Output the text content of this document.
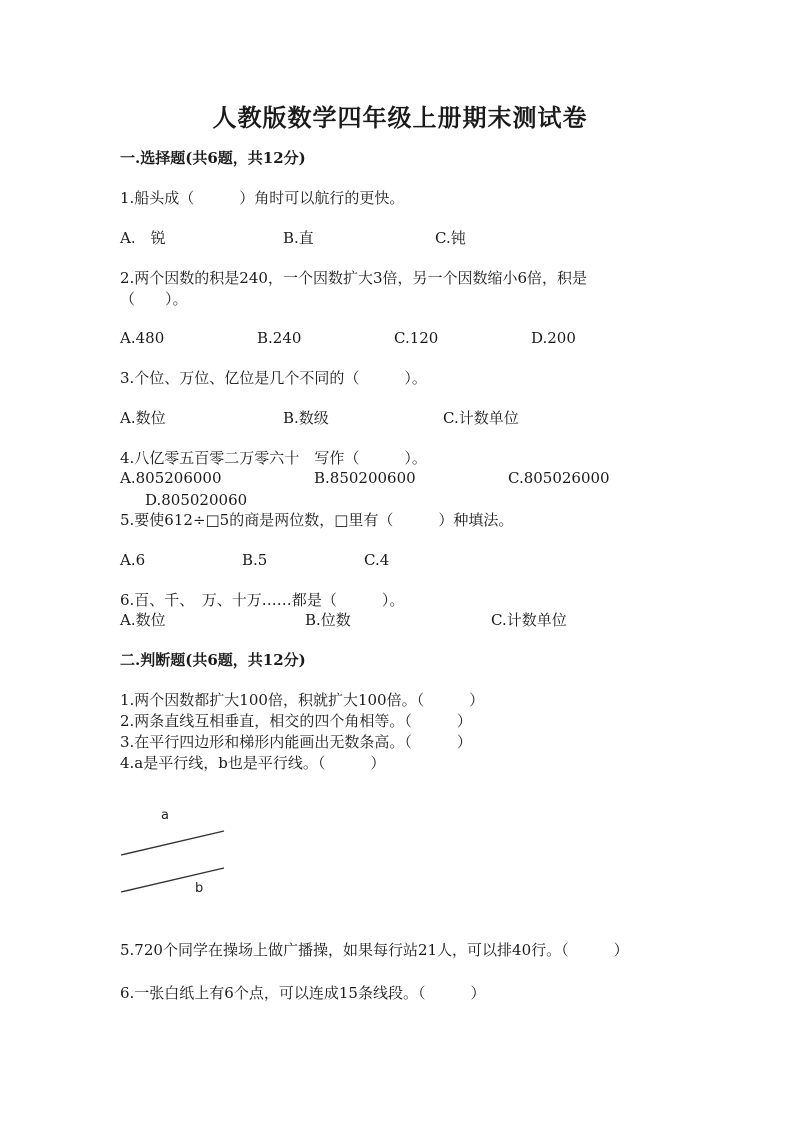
人教版数学四年级上册期末测试卷
一.选择题(共6题，共12分)
1.船头成（　　　）角时可以航行的更快。
A.　锐	B.直	C.钝
2.两个因数的积是240，一个因数扩大3倍，另一个因数缩小6倍，积是
（　　）。
A.480	B.240	C.120	D.200
3.个位、万位、亿位是几个不同的（　　　）。
A.数位	B.数级	C.计数单位
4.八亿零五百零二万零六十　写作（　　　）。
A.805206000	B.850200600	C.805026000
D.805020060
5.要使612÷□5的商是两位数，□里有（　　　）种填法。
A.6	B.5	C.4
6.百、千、　万、十万……都是（　　　）。
A.数位	B.位数	C.计数单位
二.判断题(共6题，共12分)
1.两个因数都扩大100倍，积就扩大100倍。（　　　）
2.两条直线互相垂直，相交的四个角相等。（　　　）
3.在平行四边形和梯形内能画出无数条高。（　　　）
4.a是平行线，b也是平行线。（　　　）
a
b
5.720个同学在操场上做广播操，如果每行站21人，可以排40行。（　　　）
6.一张白纸上有6个点，可以连成15条线段。（　　　）
